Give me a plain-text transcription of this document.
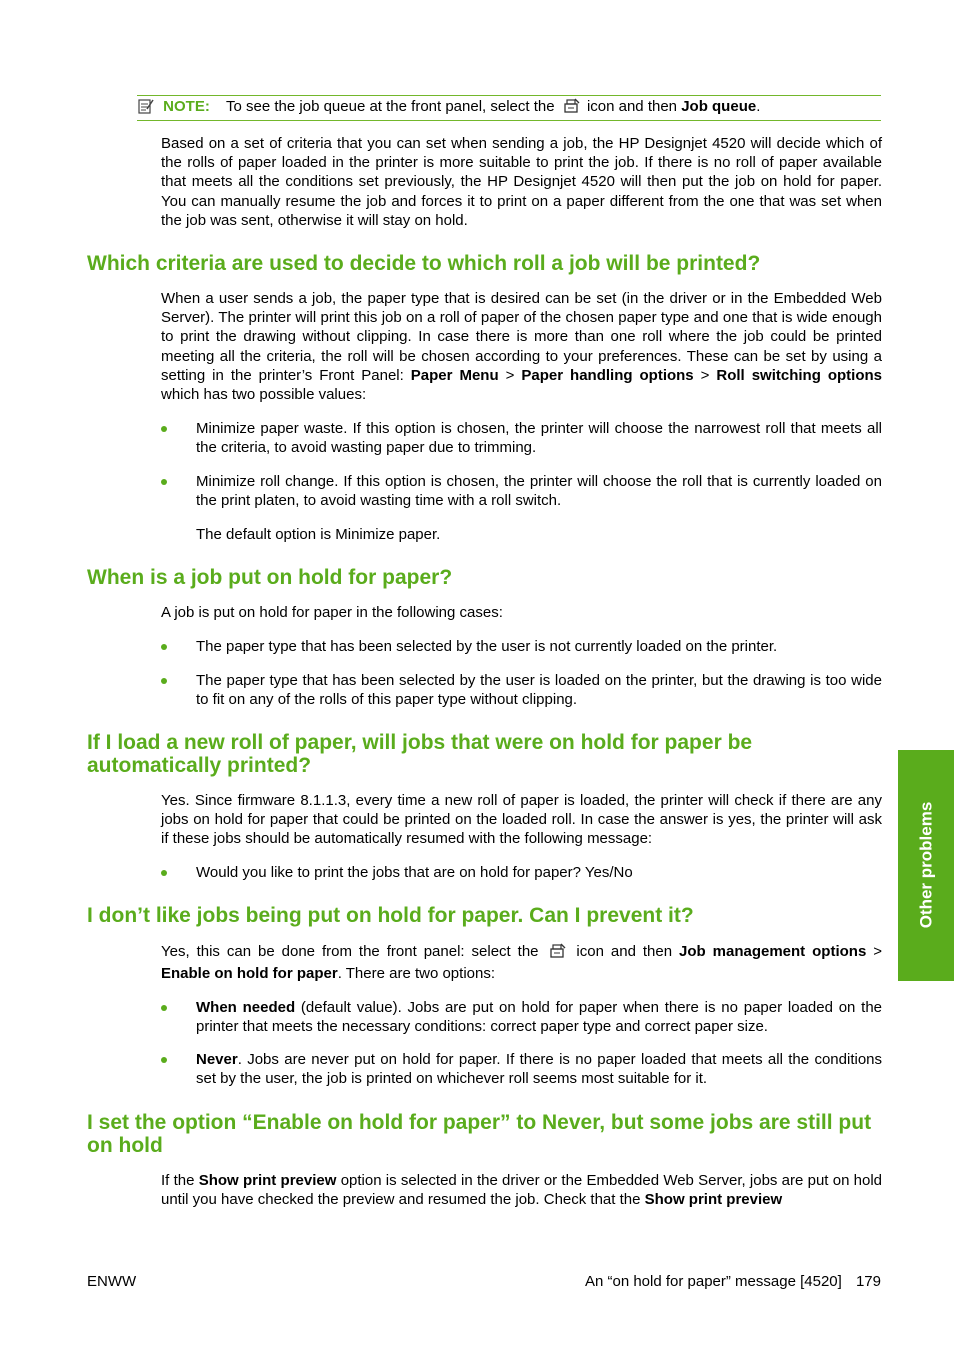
NOTE: To see the job queue at the front panel, select the icon and then Job queue.
Based on a set of criteria that you can set when sending a job, the HP Designjet 4520 will decide which of the rolls of paper loaded in the printer is more suitable to print the job. If there is no roll of paper available that meets all the conditions set previously, the HP Designjet 4520 will then put the job on hold for paper. You can manually resume the job and forces it to print on a paper different from the one that was set when the job was sent, otherwise it will stay on hold.
Which criteria are used to decide to which roll a job will be printed?
When a user sends a job, the paper type that is desired can be set (in the driver or in the Embedded Web Server). The printer will print this job on a roll of paper of the chosen paper type and one that is wide enough to print the drawing without clipping. In case there is more than one roll where the job could be printed meeting all the criteria, the roll will be chosen according to your preferences. These can be set by using a setting in the printer’s Front Panel: Paper Menu > Paper handling options > Roll switching options which has two possible values:
Minimize paper waste. If this option is chosen, the printer will choose the narrowest roll that meets all the criteria, to avoid wasting paper due to trimming.
Minimize roll change. If this option is chosen, the printer will choose the roll that is currently loaded on the print platen, to avoid wasting time with a roll switch.
The default option is Minimize paper.
When is a job put on hold for paper?
A job is put on hold for paper in the following cases:
The paper type that has been selected by the user is not currently loaded on the printer.
The paper type that has been selected by the user is loaded on the printer, but the drawing is too wide to fit on any of the rolls of this paper type without clipping.
If I load a new roll of paper, will jobs that were on hold for paper be automatically printed?
Yes. Since firmware 8.1.1.3, every time a new roll of paper is loaded, the printer will check if there are any jobs on hold for paper that could be printed on the loaded roll. In case the answer is yes, the printer will ask if these jobs should be automatically resumed with the following message:
Would you like to print the jobs that are on hold for paper? Yes/No
I don’t like jobs being put on hold for paper. Can I prevent it?
Yes, this can be done from the front panel: select the	icon and then Job management options > Enable on hold for paper. There are two options:
When needed (default value). Jobs are put on hold for paper when there is no paper loaded on the printer that meets the necessary conditions: correct paper type and correct paper size.
Never. Jobs are never put on hold for paper. If there is no paper loaded that meets all the conditions set by the user, the job is printed on whichever roll seems most suitable for it.
I set the option “Enable on hold for paper” to Never, but some jobs are still put on hold
If the Show print preview option is selected in the driver or the Embedded Web Server, jobs are put on hold until you have checked the preview and resumed the job. Check that the Show print preview
Other problems
ENWW	An “on hold for paper” message [4520] 179
